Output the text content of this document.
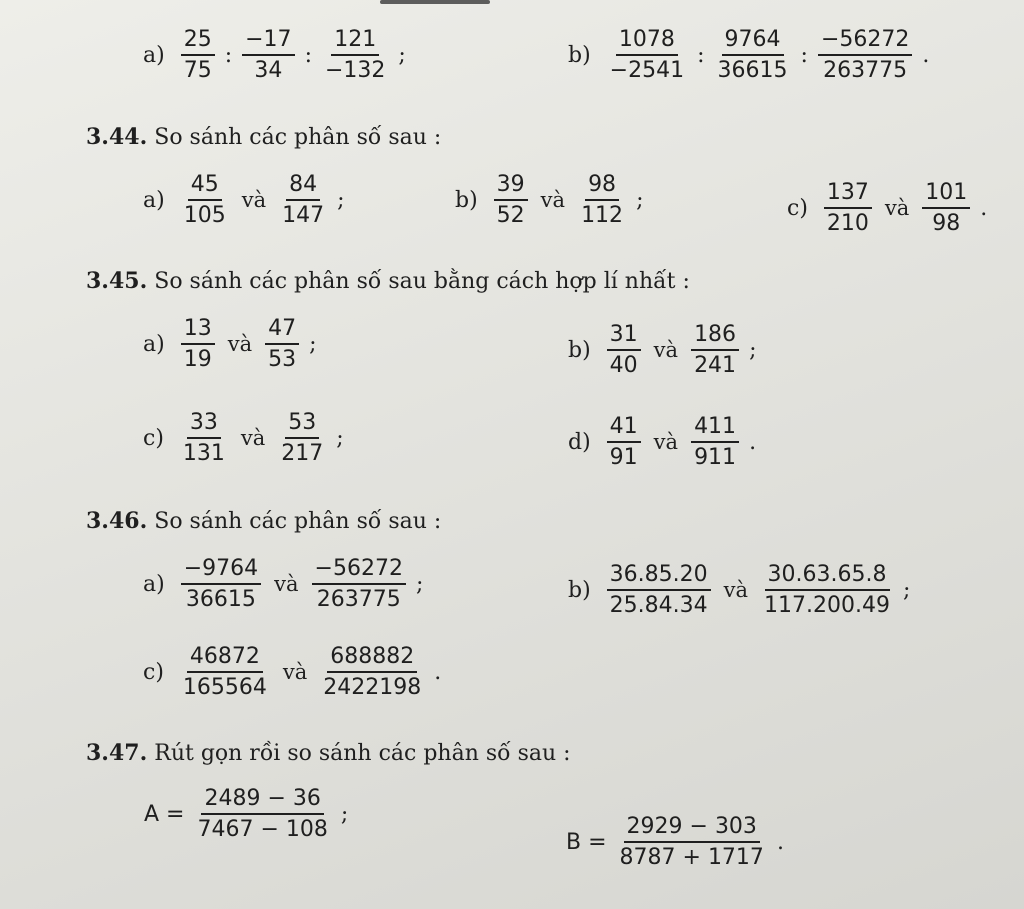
$a) \frac{25}{75}$ : $\frac{-17}{34}$ : $\frac{121}{-132}$ ;	$b) \frac{1078}{-2541}$ : $\frac{9764}{36615}$ : $\frac{-56272}{263775}$ .
3.44. So sánh các phân số sau :
$a) \frac{45}{105}$ và $\frac{84}{147}$ ;	$b) \frac{39}{52}$ và $\frac{98}{112}$ ;	$c) \frac{137}{210}$ và $\frac{101}{98}$ .
3.45. So sánh các phân số sau bằng cách hợp lí nhất :
$a) \frac{13}{19}$ và $\frac{47}{53}$ ;	$b) \frac{31}{40}$ và $\frac{186}{241}$ ;
$c) \frac{33}{131}$ và $\frac{53}{217}$ ;	$d) \frac{41}{91}$ và $\frac{411}{911}$ .
3.46. So sánh các phân số sau :
$a) \frac{-9764}{36615}$ và $\frac{-56272}{263775}$ ;	$b) \frac{36.85.20}{25.84.34}$ và $\frac{30.63.65.8}{117.200.49}$ ;
$c) \frac{46872}{165564}$ và $\frac{688882}{2422198}$ .
3.47. Rút gọn rồi so sánh các phân số sau :
$A = \frac{2489 - 36}{7467 - 108}$ ;
$B = \frac{2929 - 303}{8787 + 1717}$ .
